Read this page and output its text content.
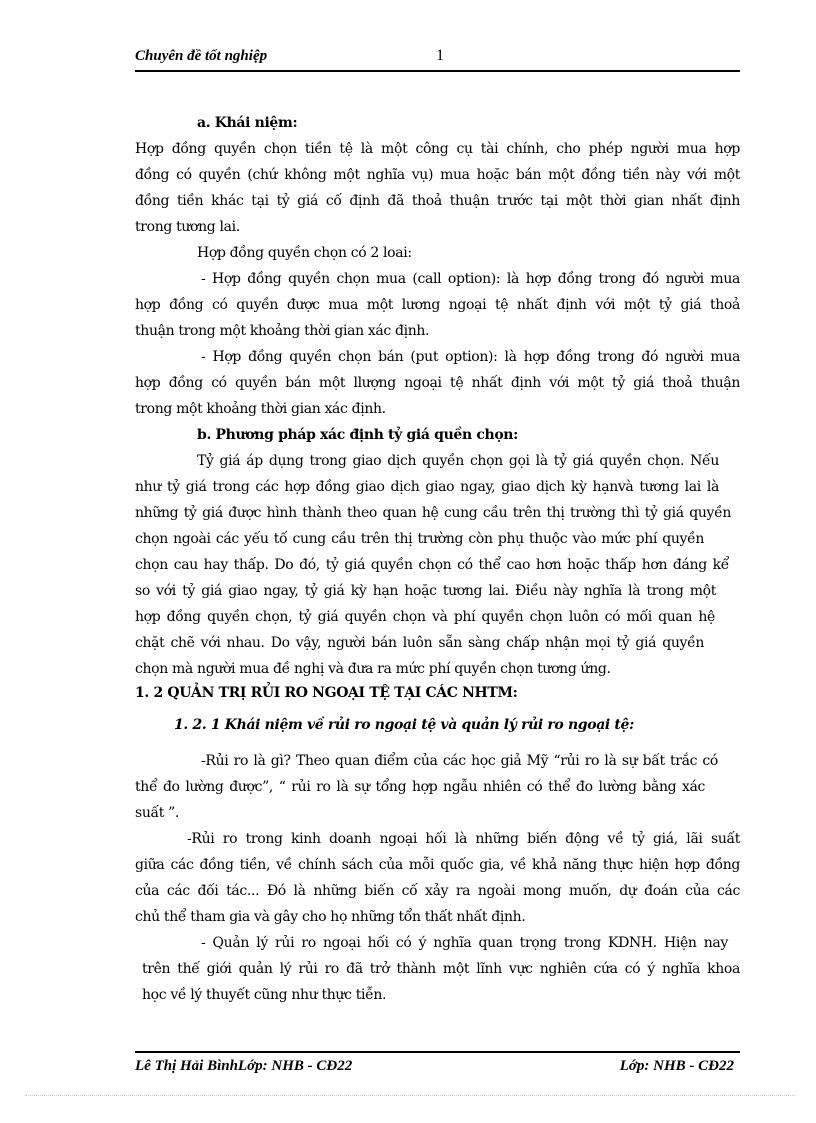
Chuyên đề tốt nghiệp	1
a. Khái niệm:
Hợp đồng quyền chọn tiền tệ là một công cụ tài chính, cho phép người mua hợp
đồng có quyền (chứ không một nghĩa vụ) mua hoặc bán một đồng tiền này với một
đồng tiền khác tại tỷ giá cố định đã thoả thuận trước tại một thời gian nhất định
trong tương lai.
Hợp đồng quyền chọn có 2 loai:
- Hợp đồng quyền chọn mua (call option): là hợp đồng trong đó người mua
hợp đồng có quyền được mua một lương ngoại tệ nhất định với một tỷ giá thoả
thuận trong một khoảng thời gian xác định.
- Hợp đồng quyền chọn bán (put option): là hợp đồng trong đó người mua
hợp đồng có quyền bán một llượng ngoại tệ nhất định với một tỷ giá thoả thuận
trong một khoảng thời gian xác định.
b. Phương pháp xác định tỷ giá quền chọn:
Tỷ giá áp dụng trong giao dịch quyền chọn gọi là tỷ giá quyền chọn. Nếu
như tỷ giá trong các hợp đồng giao dịch giao ngay, giao dịch kỳ hạnvà tương lai là
những tỷ giá được hình thành theo quan hệ cung cầu trên thị trường thì tỷ giá quyền
chọn ngoài các yếu tố cung cầu trên thị trường còn phụ thuộc vào mức phí quyền
chọn cau hay thấp. Do đó, tỷ giá quyền chọn có thể cao hơn hoặc thấp hơn đáng kể
so với tỷ giá giao ngay, tỷ giá kỳ hạn hoặc tương lai. Điều này nghĩa là trong một
hợp đồng quyền chọn, tỷ giá quyền chọn và phí quyền chọn luôn có mối quan hệ
chặt chẽ với nhau. Do vậy, người bán luôn sẵn sàng chấp nhận mọi tỷ giá quyền
chọn mà người mua đề nghị và đưa ra mức phí quyền chọn tương ứng.
1. 2 QUẢN TRỊ RỦI RO NGOẠI TỆ TẠI CÁC NHTM:
1. 2. 1 Khái niệm về rủi ro ngoại tệ và quản lý rủi ro ngoại tệ:
-Rủi ro là gì? Theo quan điểm của các học giả Mỹ “rủi ro là sự bất trắc có
thể đo lường được”, “ rủi ro là sự tổng hợp ngẫu nhiên có thể đo lường bằng xác
suất ”.
-Rủi ro trong kinh doanh ngoại hối là những biến động về tỷ giá, lãi suất
giữa các đồng tiền, về chính sách của mỗi quốc gia, về khả năng thực hiện hợp đồng
của các đối tác... Đó là những biến cố xảy ra ngoài mong muốn, dự đoán của các
chủ thể tham gia và gây cho họ những tổn thất nhất định.
- Quản lý rủi ro ngoại hối có ý nghĩa quan trọng trong KDNH. Hiện nay
trên thế giới quản lý rủi ro đã trở thành một lĩnh vực nghiên cứa có ý nghĩa khoa
học về lý thuyết cũng như thực tiễn.
Lê Thị Hải BìnhLớp: NHB - CĐ22	Lớp: NHB - CĐ22
